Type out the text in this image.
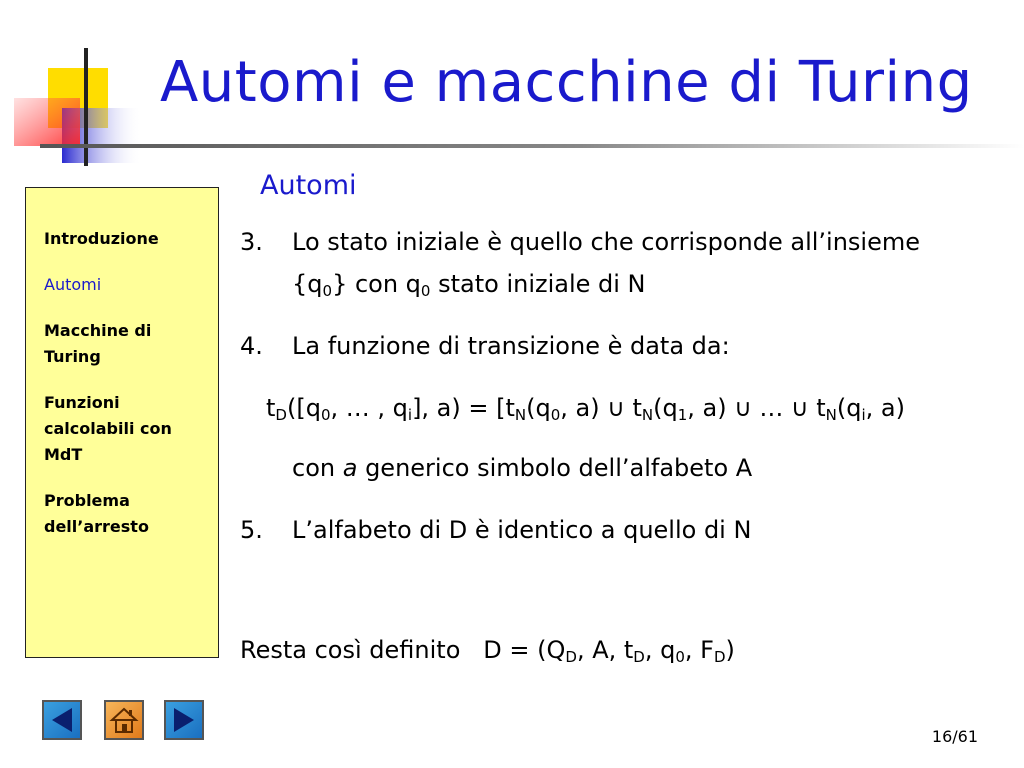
Automi e macchine di Turing
Automi
Introduzione
Automi
Macchine di Turing
Funzioni calcolabili con MdT
Problema dell’arresto
3. Lo stato iniziale è quello che corrisponde all’insieme
$\{q_0\}$ con $q_0$ stato iniziale di N
4. La funzione di transizione è data da:
$t_D([q_0$, … , $q_i$], $a) = [t_N(q_0$, a) ∪ $t_N(q_1$, a) ∪ … ∪ $t_N(q_i$, a)
con a generico simbolo dell’alfabeto A
5. L’alfabeto di D è identico a quello di N
Resta così definito   $D = (Q_D$, A, $t_D$, $q_0$, $F_D$)
16/61
